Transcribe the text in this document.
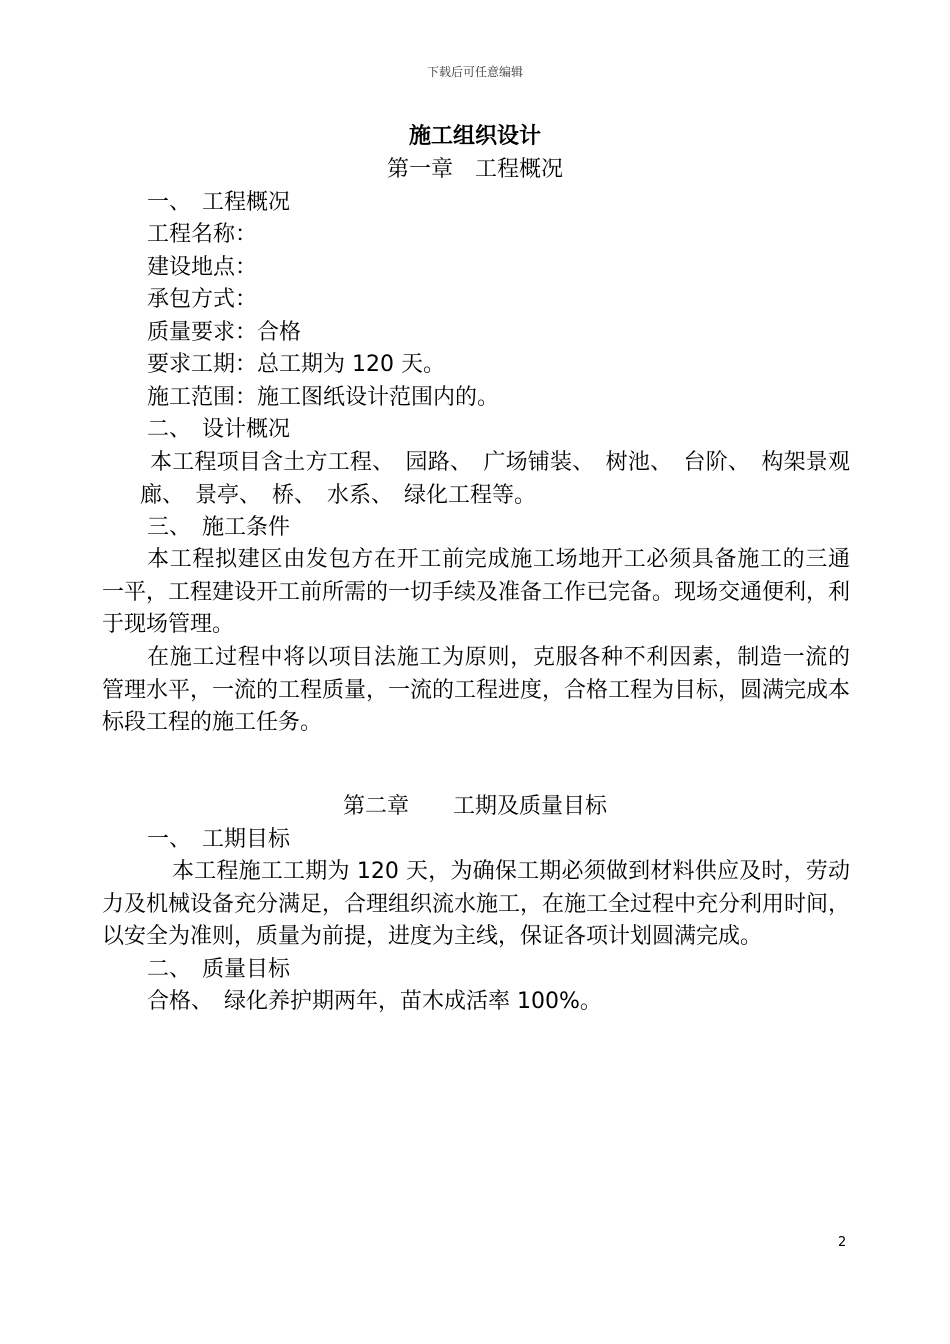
下载后可任意编辑
施工组织设计
第一章　工程概况
一、　工程概况
工程名称：
建设地点：
承包方式：
质量要求：合格
要求工期：总工期为 120 天。
施工范围：施工图纸设计范围内的。
二、　设计概况
本工程项目含土方工程、　园路、　广场铺装、　树池、　台阶、　构架景观廊、　景亭、　桥、　水系、　绿化工程等。
三、　施工条件
本工程拟建区由发包方在开工前完成施工场地开工必须具备施工的三通一平，工程建设开工前所需的一切手续及准备工作已完备。现场交通便利，利于现场管理。
在施工过程中将以项目法施工为原则，克服各种不利因素，制造一流的管理水平，一流的工程质量，一流的工程进度，合格工程为目标，圆满完成本标段工程的施工任务。
第二章　　工期及质量目标
一、　工期目标
本工程施工工期为 120 天，为确保工期必须做到材料供应及时，劳动力及机械设备充分满足，合理组织流水施工，在施工全过程中充分利用时间，以安全为准则，质量为前提，进度为主线，保证各项计划圆满完成。
二、　质量目标
合格、　绿化养护期两年，苗木成活率 100%。
2
